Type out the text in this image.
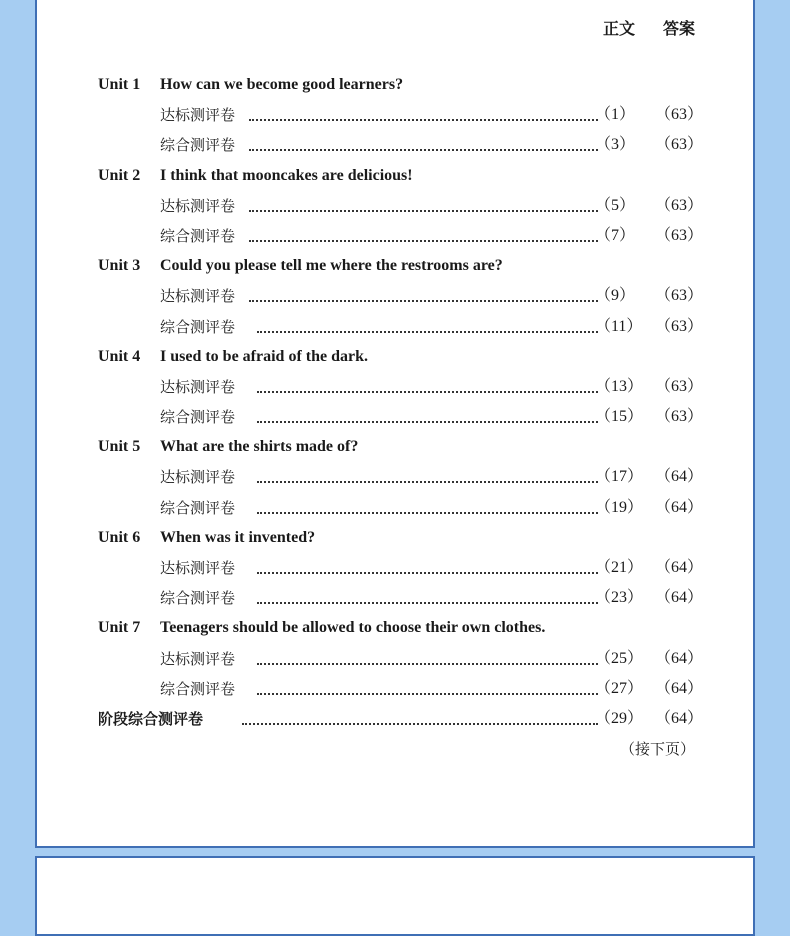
正文 答案
Unit 1 How can we become good learners?
达标测评卷	（1） （63）
综合测评卷	（3） （63）
Unit 2 I think that mooncakes are delicious!
达标测评卷	（5） （63）
综合测评卷	（7） （63）
Unit 3 Could you please tell me where the restrooms are?
达标测评卷	（9） （63）
综合测评卷	（11） （63）
Unit 4 I used to be afraid of the dark.
达标测评卷	（13） （63）
综合测评卷	（15） （63）
Unit 5 What are the shirts made of?
达标测评卷	（17） （64）
综合测评卷	（19） （64）
Unit 6 When was it invented?
达标测评卷	（21） （64）
综合测评卷	（23） （64）
Unit 7 Teenagers should be allowed to choose their own clothes.
达标测评卷	（25） （64）
综合测评卷	（27） （64）
阶段综合测评卷	（29） （64）
（接下页）
